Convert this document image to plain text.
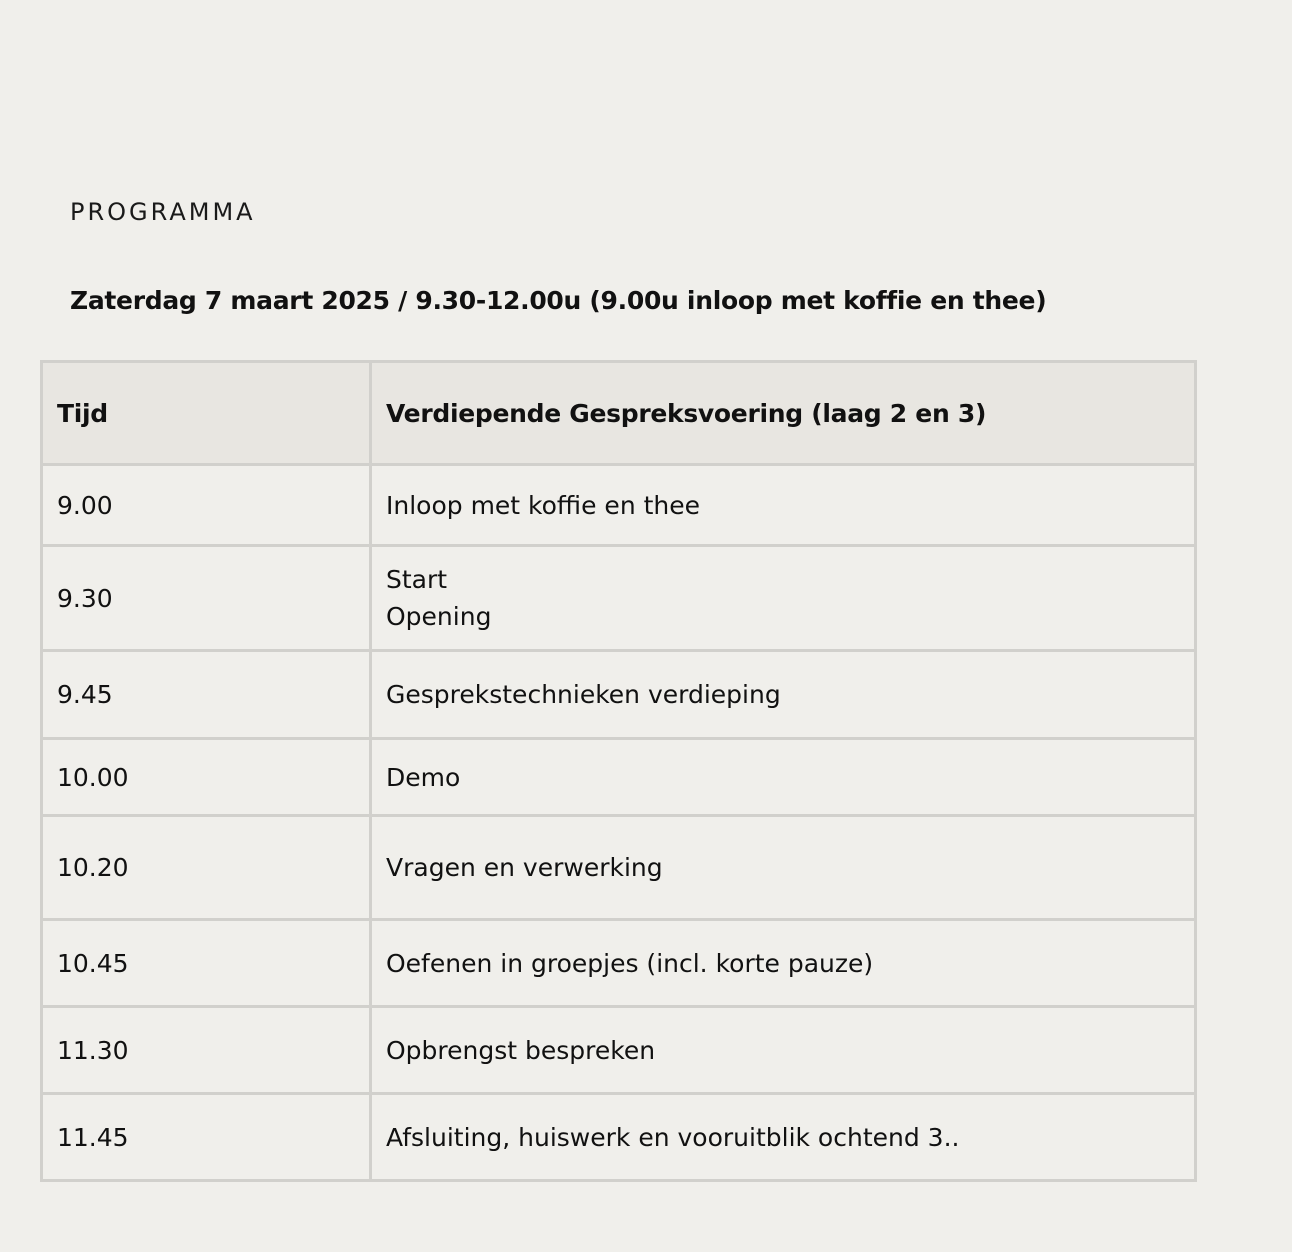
PROGRAMMA
Zaterdag 7 maart 2025 / 9.30-12.00u (9.00u inloop met koffie en thee)
Tijd	Verdiepende Gespreksvoering (laag 2 en 3)
9.00	Inloop met koffie en thee

9.30	Start
Opening

9.45	Gesprekstechnieken verdieping

10.00	Demo

10.20	Vragen en verwerking

10.45	Oefenen in groepjes (incl. korte pauze)

11.30	Opbrengst bespreken

11.45	Afsluiting, huiswerk en vooruitblik ochtend 3..
